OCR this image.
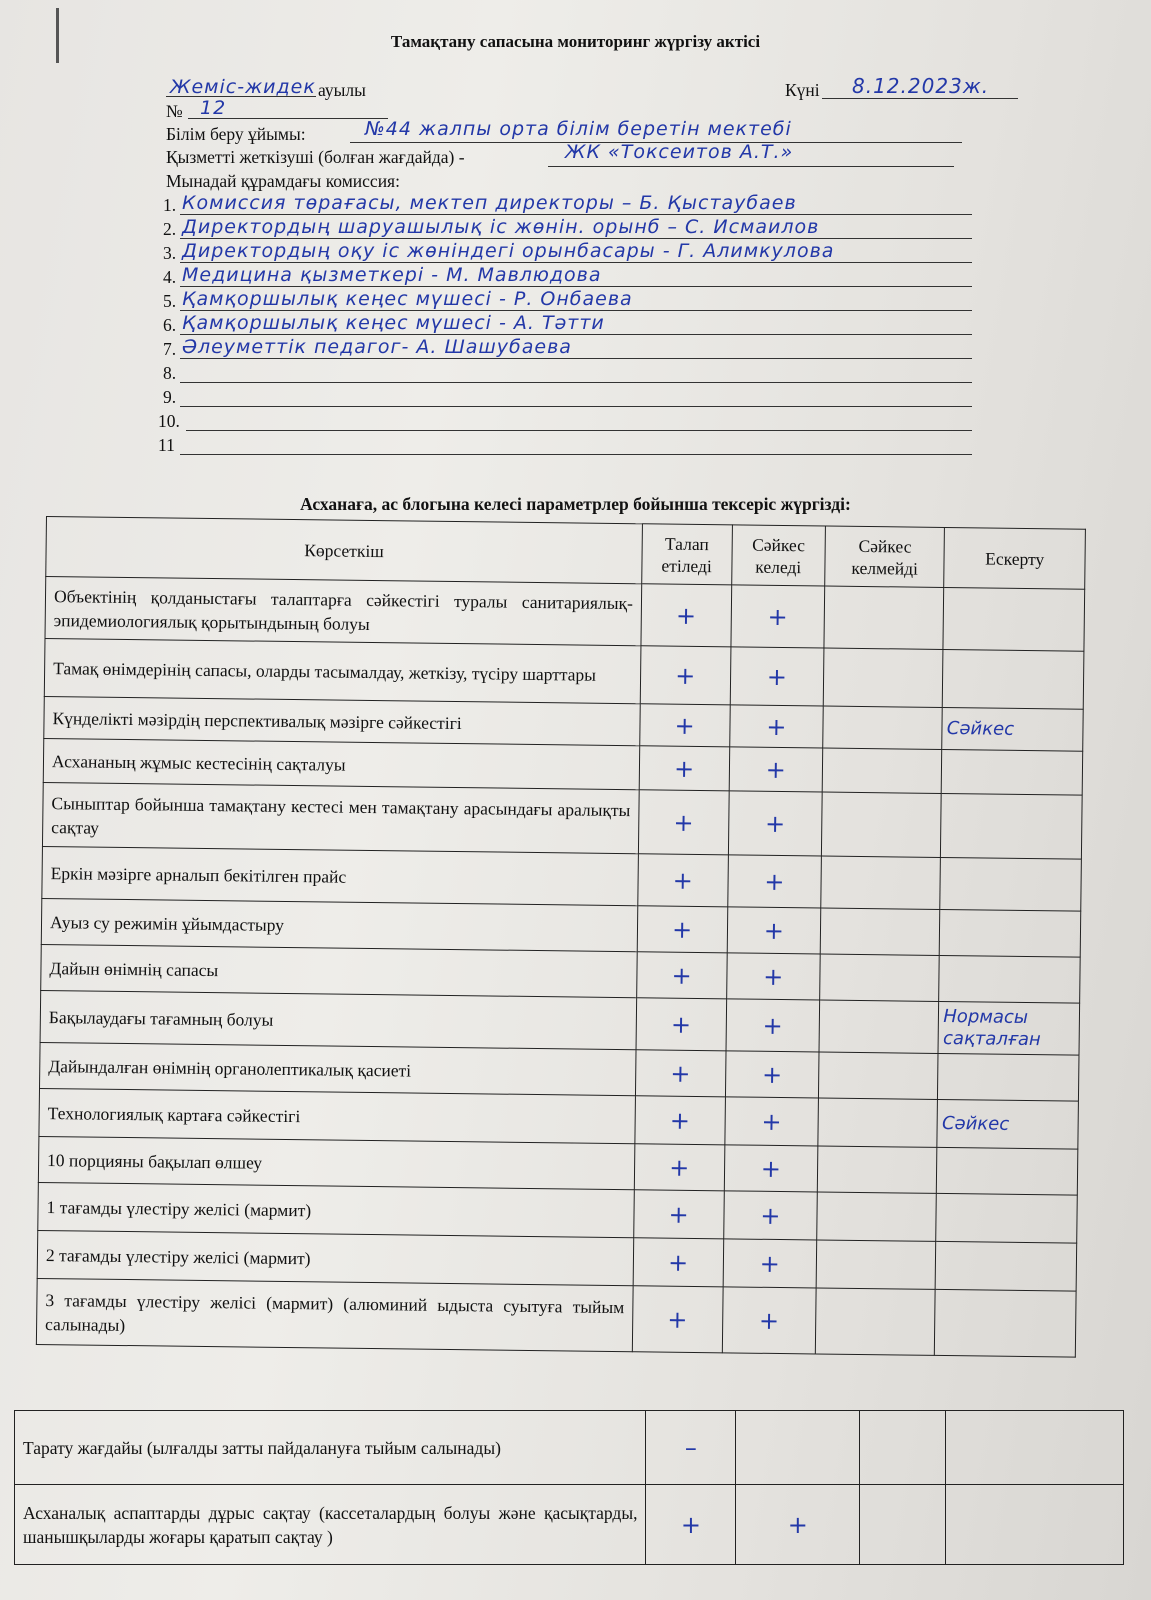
Тамақтану сапасына мониторинг жүргізу актісі
Жеміс-жидек ауылы	Күні 8.12.2023ж.
№ 12
Білім беру ұйымы:	№44 жалпы орта білім беретін мектебі
Қызметті жеткізуші (болған жағдайда) -	ЖК «Токсеитов А.Т.»
Мынадай құрамдағы комиссия:
1. Комиссия төрағасы, мектеп директоры – Б. Қыстаубаев
2. Директордың шаруашылық іс жөнін. орынб – С. Исмаилов
3. Директордың оқу іс жөніндегі орынбасары - Г. Алимкулова
4. Медицина қызметкері - М. Мавлюдова
5. Қамқоршылық кеңес мүшесі - Р. Онбаева
6. Қамқоршылық кеңес мүшесі - А. Тәтти
7. Әлеуметтік педагог- А. Шашубаева
8.
9.
10.
11
Асханаға, ас блогына келесі параметрлер бойынша тексеріс жүргізді:
Көрсеткіш	Талап етіледі	Сәйкес келеді	Сәйкес келмейді	Ескерту
Объектінің қолданыстағы талаптарға сәйкестігі туралы санитариялық-эпидемиологиялық қорытындының болуы	+	+		
Тамақ өнімдерінің сапасы, оларды тасымалдау, жеткізу, түсіру шарттары	+	+		
Күнделікті мәзірдің перспективалық мәзірге сәйкестігі	+	+		Сәйкес
Асхананың жұмыс кестесінің сақталуы	+	+		
Сыныптар бойынша тамақтану кестесі мен тамақтану арасындағы аралықты сақтау	+	+		
Еркін мәзірге арналып бекітілген прайс	+	+		
Ауыз су режимін ұйымдастыру	+	+		
Дайын өнімнің сапасы	+	+		
Бақылаудағы тағамның болуы	+	+		Нормасы сақталған
Дайындалған өнімнің органолептикалық қасиеті	+	+		
Технологиялық картаға сәйкестігі	+	+		Сәйкес
10 порцияны бақылап өлшеу	+	+		
1 тағамды үлестіру желісі (мармит)	+	+		
2 тағамды үлестіру желісі (мармит)	+	+		
3 тағамды үлестіру желісі (мармит) (алюминий ыдыста суытуға тыйым салынады)	+	+		
Тарату жағдайы (ылғалды затты пайдалануға тыйым салынады)	–			
Асханалық аспаптарды дұрыс сақтау (кассеталардың болуы және қасықтарды, шанышқыларды жоғары қаратып сақтау )	+	+		
